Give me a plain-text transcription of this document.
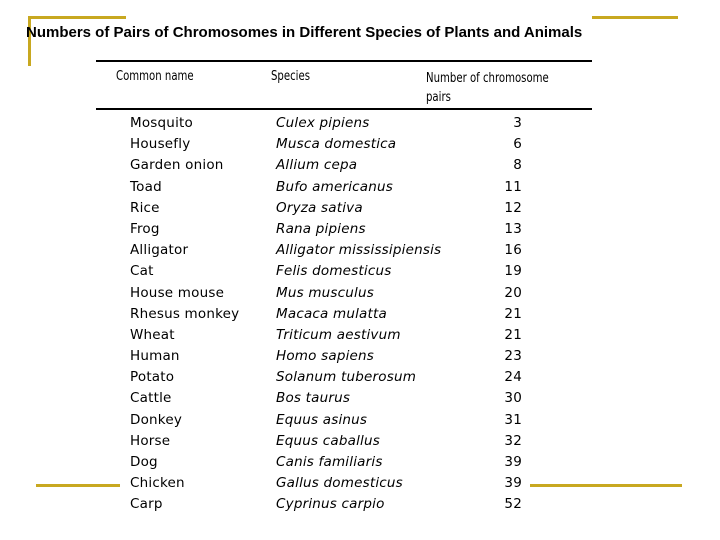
Numbers of Pairs of Chromosomes in Different Species of Plants and Animals
Common name	Species	Number of chromosome
pairs
Mosquito	Culex pipiens	3
Housefly	Musca domestica	6
Garden onion	Allium cepa	8
Toad	Bufo americanus	11
Rice	Oryza sativa	12
Frog	Rana pipiens	13
Alligator	Alligator mississipiensis	16
Cat	Felis domesticus	19
House mouse	Mus musculus	20
Rhesus monkey	Macaca mulatta	21
Wheat	Triticum aestivum	21
Human	Homo sapiens	23
Potato	Solanum tuberosum	24
Cattle	Bos taurus	30
Donkey	Equus asinus	31
Horse	Equus caballus	32
Dog	Canis familiaris	39
Chicken	Gallus domesticus	39
Carp	Cyprinus carpio	52
